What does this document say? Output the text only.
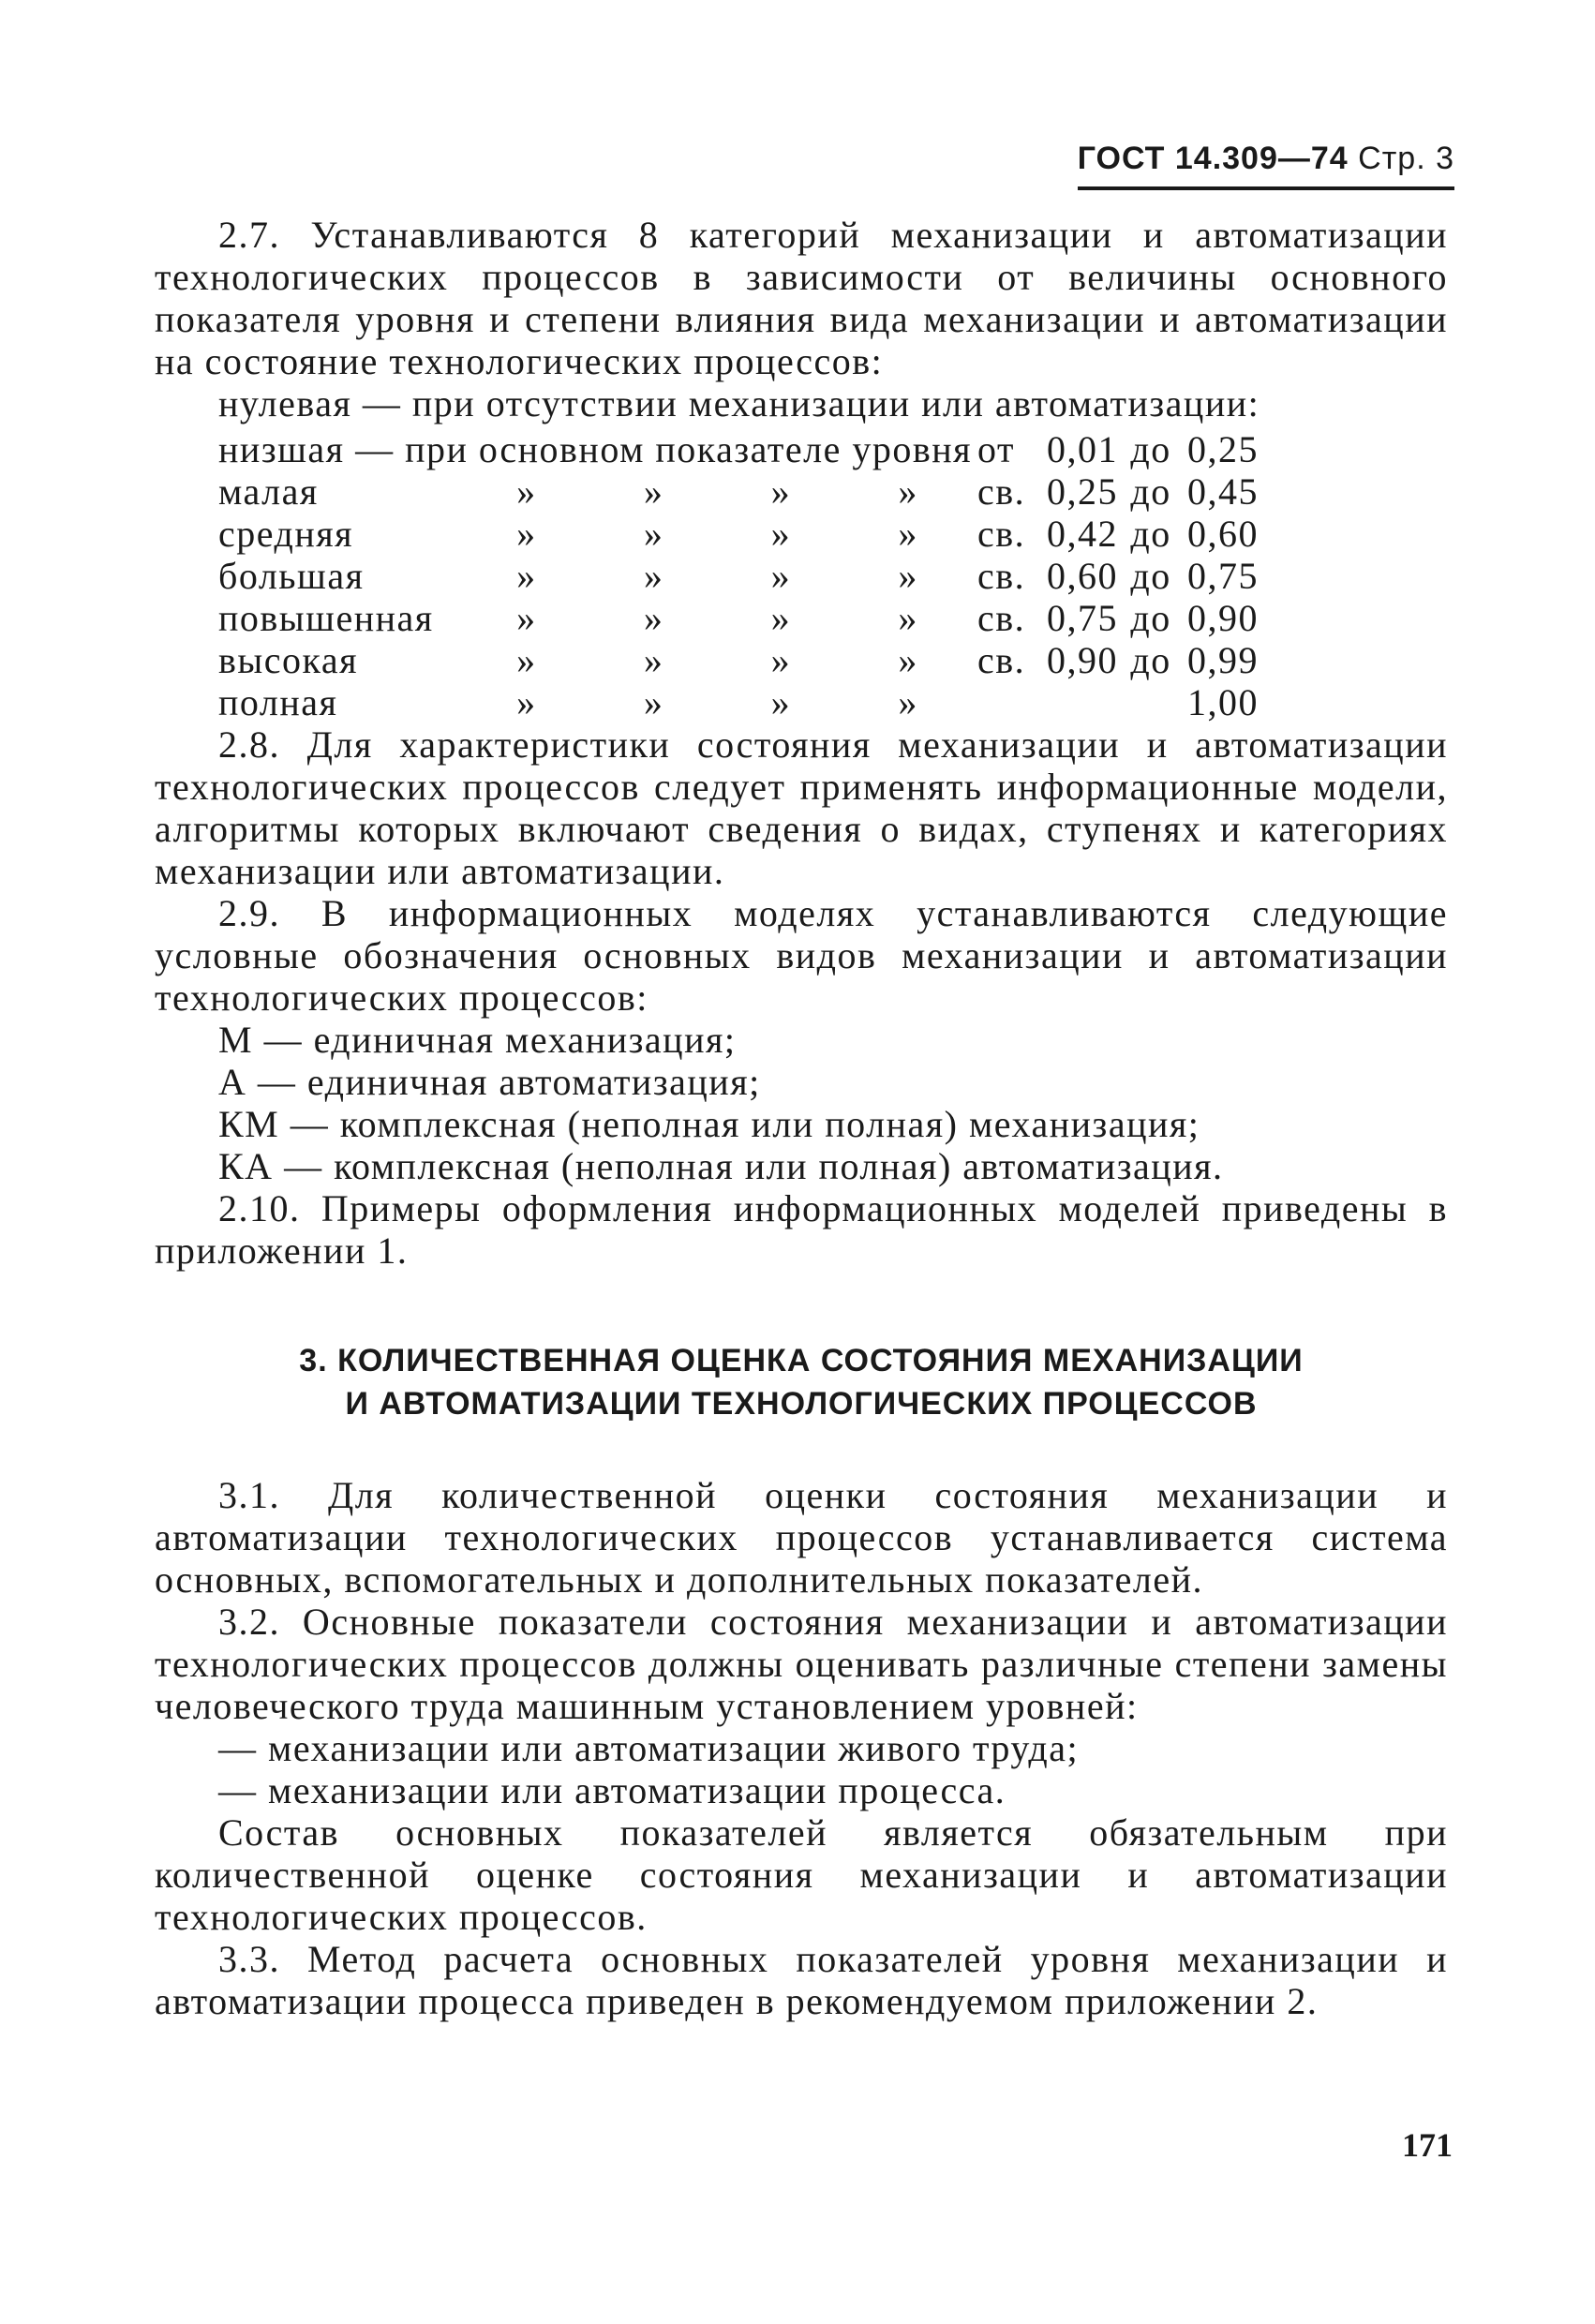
ГОСТ 14.309—74 Стр. 3

2.7. Устанавливаются 8 категорий механизации и автоматизации технологических процессов в зависимости от величины основного показателя уровня и степени влияния вида механизации и автоматизации на состояние технологических процессов:

нулевая — при отсутствии механизации или автоматизации:

низшая — при основном показателе уровня					от	0,01	до	0,25
малая	»	»	»	»	св.	0,25	до	0,45
средняя	»	»	»	»	св.	0,42	до	0,60
большая	»	»	»	»	св.	0,60	до	0,75
повышенная	»	»	»	»	св.	0,75	до	0,90
высокая	»	»	»	»	св.	0,90	до	0,99
полная	»	»	»	»				1,00

2.8. Для характеристики состояния механизации и автоматизации технологических процессов следует применять информационные модели, алгоритмы которых включают сведения о видах, ступенях и категориях механизации или автоматизации.

2.9. В информационных моделях устанавливаются следующие условные обозначения основных видов механизации и автоматизации технологических процессов:

М — единичная механизация;

А — единичная автоматизация;

КМ — комплексная (неполная или полная) механизация;

КА — комплексная (неполная или полная) автоматизация.

2.10. Примеры оформления информационных моделей приведены в приложении 1.

3. КОЛИЧЕСТВЕННАЯ ОЦЕНКА СОСТОЯНИЯ МЕХАНИЗАЦИИ
И АВТОМАТИЗАЦИИ ТЕХНОЛОГИЧЕСКИХ ПРОЦЕССОВ

3.1. Для количественной оценки состояния механизации и автоматизации технологических процессов устанавливается система основных, вспомогательных и дополнительных показателей.

3.2. Основные показатели состояния механизации и автоматизации технологических процессов должны оценивать различные степени замены человеческого труда машинным установлением уровней:

— механизации или автоматизации живого труда;

— механизации или автоматизации процесса.

Состав основных показателей является обязательным при количественной оценке состояния механизации и автоматизации технологических процессов.

3.3. Метод расчета основных показателей уровня механизации и автоматизации процесса приведен в рекомендуемом приложении 2.

171
